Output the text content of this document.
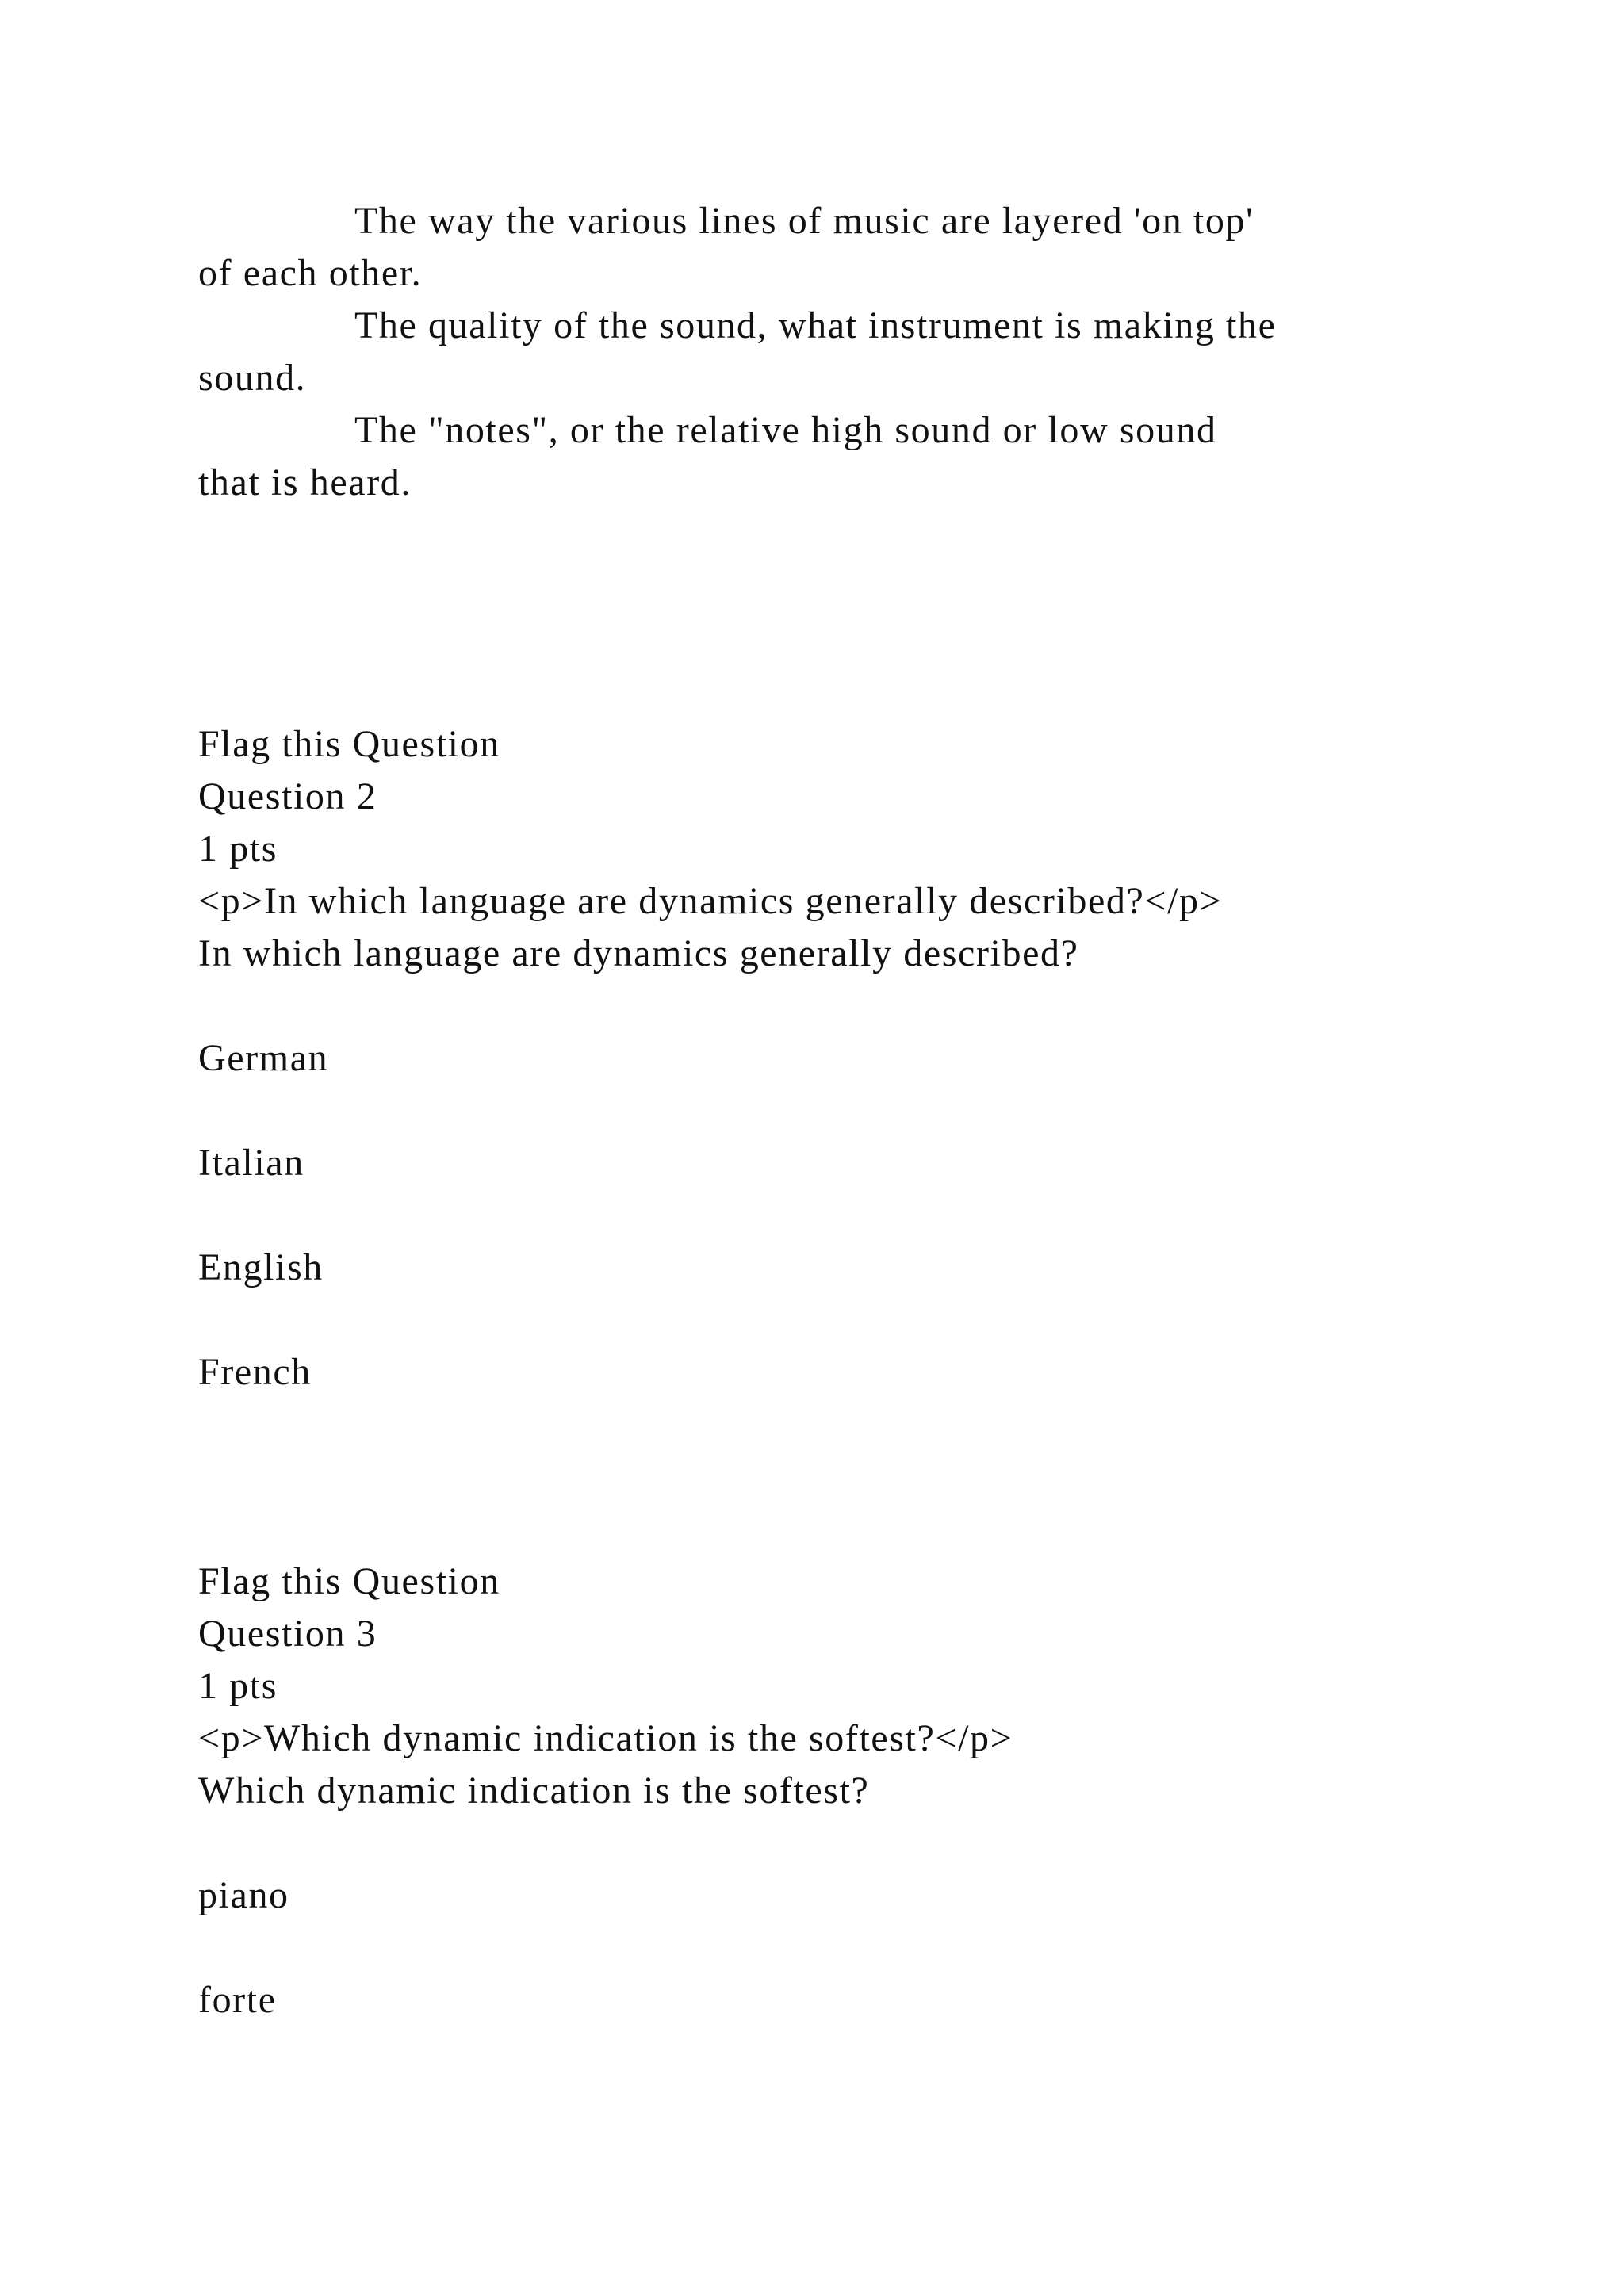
The way the various lines of music are layered 'on top'
of each other.
The quality of the sound, what instrument is making the
sound.
The "notes", or the relative high sound or low sound
that is heard.
Flag this Question
Question 2
1 pts
<p>In which language are dynamics generally described?</p>
In which language are dynamics generally described?
German
Italian
English
French
Flag this Question
Question 3
1 pts
<p>Which dynamic indication is the softest?</p>
Which dynamic indication is the softest?
piano
forte
